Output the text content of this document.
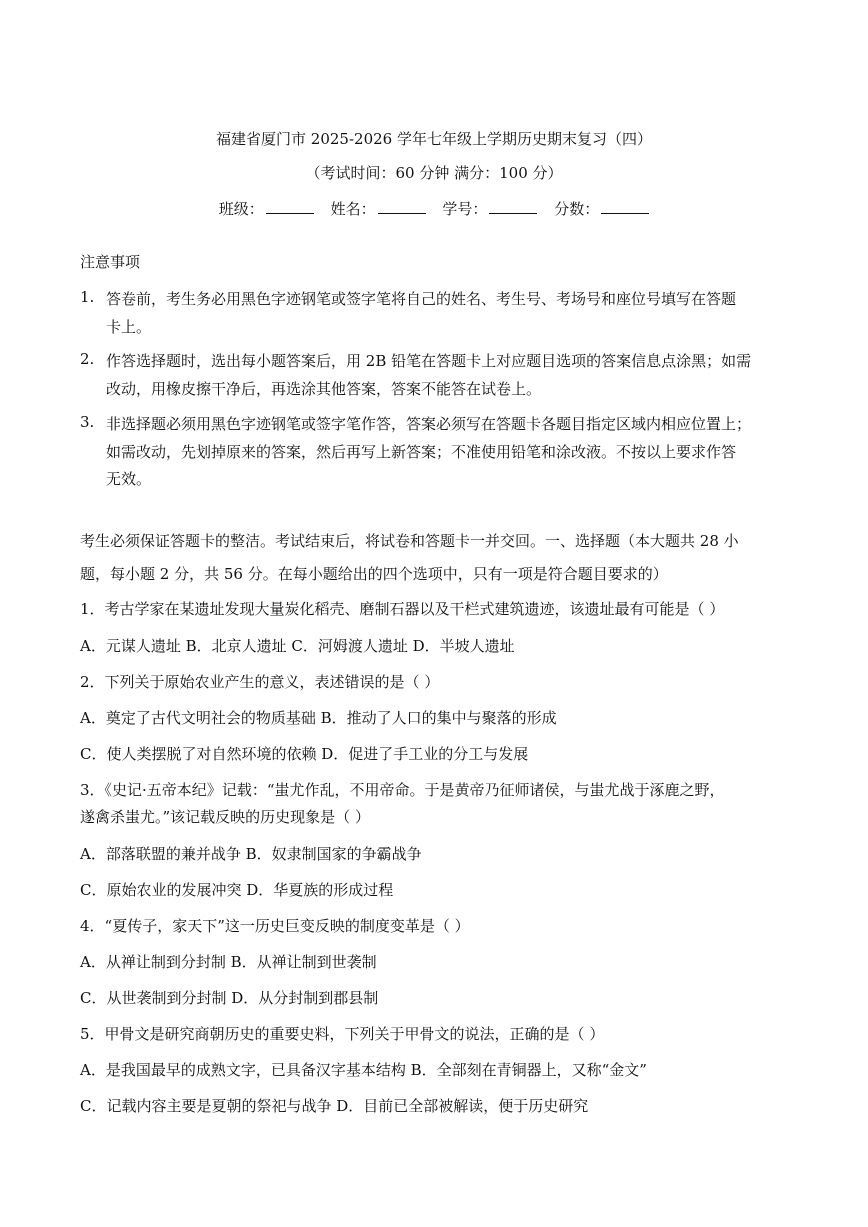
福建省厦门市 2025-2026 学年七年级上学期历史期末复习（四）
（考试时间：60 分钟 满分：100 分）
班级：	姓名：	学号：	分数：
注意事项
1. 答卷前，考生务必用黑色字迹钢笔或签字笔将自己的姓名、考生号、考场号和座位号填写在答题
卡上。
2. 作答选择题时，选出每小题答案后，用 2B 铅笔在答题卡上对应题目选项的答案信息点涂黑；如需
改动，用橡皮擦干净后，再选涂其他答案，答案不能答在试卷上。
3. 非选择题必须用黑色字迹钢笔或签字笔作答，答案必须写在答题卡各题目指定区域内相应位置上；
如需改动，先划掉原来的答案，然后再写上新答案；不准使用铅笔和涂改液。不按以上要求作答
无效。
考生必须保证答题卡的整洁。考试结束后，将试卷和答题卡一并交回。一、选择题（本大题共 28 小
题，每小题 2 分，共 56 分。在每小题给出的四个选项中，只有一项是符合题目要求的）
1．考古学家在某遗址发现大量炭化稻壳、磨制石器以及干栏式建筑遗迹，该遗址最有可能是（ ）
A．元谋人遗址 B．北京人遗址 C．河姆渡人遗址 D．半坡人遗址
2．下列关于原始农业产生的意义，表述错误的是（ ）
A．奠定了古代文明社会的物质基础 B．推动了人口的集中与聚落的形成
C．使人类摆脱了对自然环境的依赖 D．促进了手工业的分工与发展
3．《史记·五帝本纪》记载：“蚩尤作乱，不用帝命。于是黄帝乃征师诸侯，与蚩尤战于涿鹿之野，
遂禽杀蚩尤。”该记载反映的历史现象是（ ）
A．部落联盟的兼并战争 B．奴隶制国家的争霸战争
C．原始农业的发展冲突 D．华夏族的形成过程
4．“夏传子，家天下”这一历史巨变反映的制度变革是（ ）
A．从禅让制到分封制 B．从禅让制到世袭制
C．从世袭制到分封制 D．从分封制到郡县制
5．甲骨文是研究商朝历史的重要史料，下列关于甲骨文的说法，正确的是（ ）
A．是我国最早的成熟文字，已具备汉字基本结构 B．全部刻在青铜器上，又称“金文”
C．记载内容主要是夏朝的祭祀与战争 D．目前已全部被解读，便于历史研究
